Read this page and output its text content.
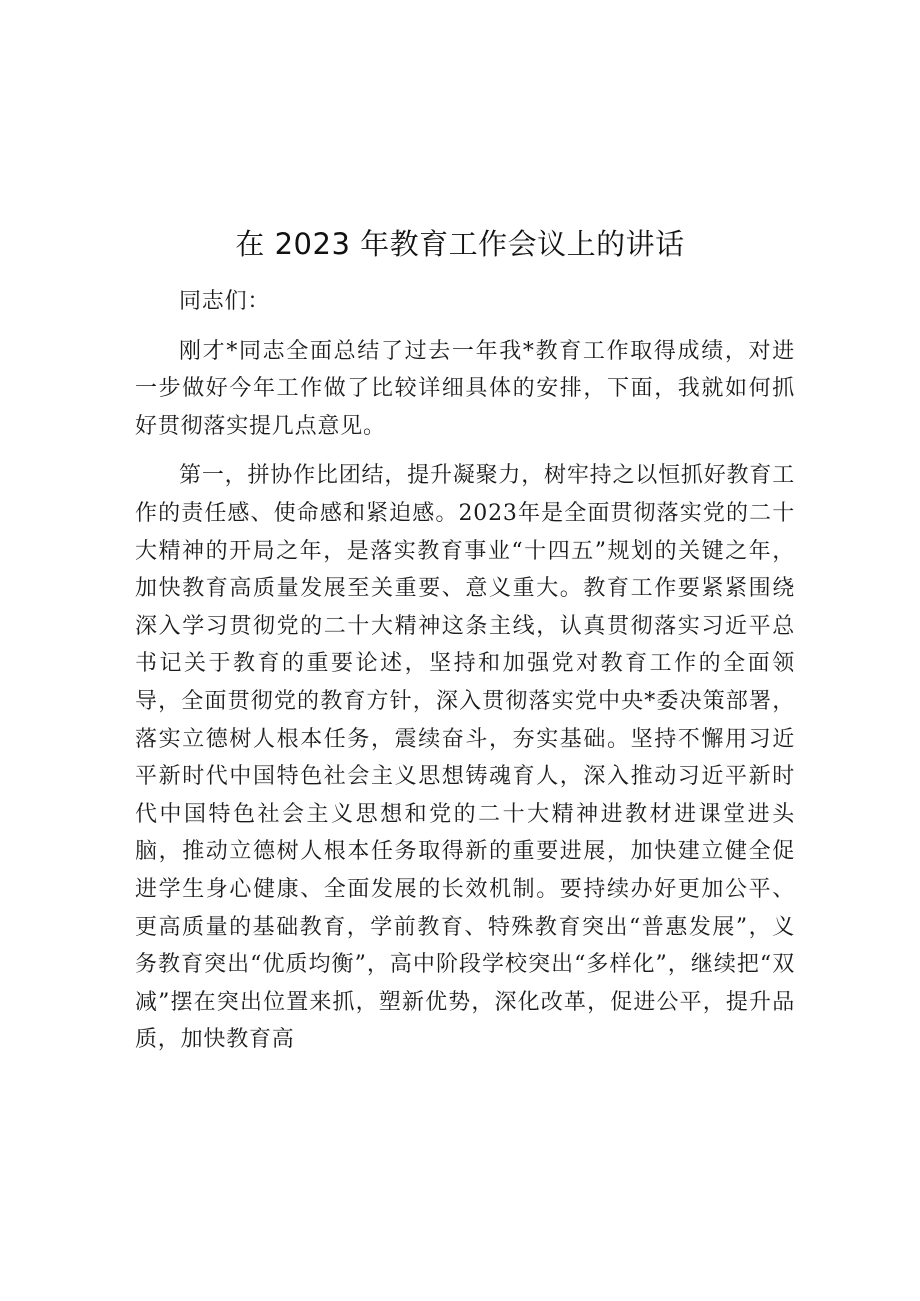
在 2023 年教育工作会议上的讲话

同志们：

刚才*同志全面总结了过去一年我*教育工作取得成绩，对进一步做好今年工作做了比较详细具体的安排，下面，我就如何抓好贯彻落实提几点意见。

第一，拼协作比团结，提升凝聚力，树牢持之以恒抓好教育工作的责任感、使命感和紧迫感。2023年是全面贯彻落实党的二十大精神的开局之年，是落实教育事业“十四五”规划的关键之年，加快教育高质量发展至关重要、意义重大。教育工作要紧紧围绕深入学习贯彻党的二十大精神这条主线，认真贯彻落实习近平总书记关于教育的重要论述，坚持和加强党对教育工作的全面领导，全面贯彻党的教育方针，深入贯彻落实党中央*委决策部署，落实立德树人根本任务，震续奋斗，夯实基础。坚持不懈用习近平新时代中国特色社会主义思想铸魂育人，深入推动习近平新时代中国特色社会主义思想和党的二十大精神进教材进课堂进头脑，推动立德树人根本任务取得新的重要进展，加快建立健全促进学生身心健康、全面发展的长效机制。要持续办好更加公平、更高质量的基础教育，学前教育、特殊教育突出“普惠发展”，义务教育突出“优质均衡”，高中阶段学校突出“多样化”，继续把“双减”摆在突出位置来抓，塑新优势，深化改革，促进公平，提升品质，加快教育高
